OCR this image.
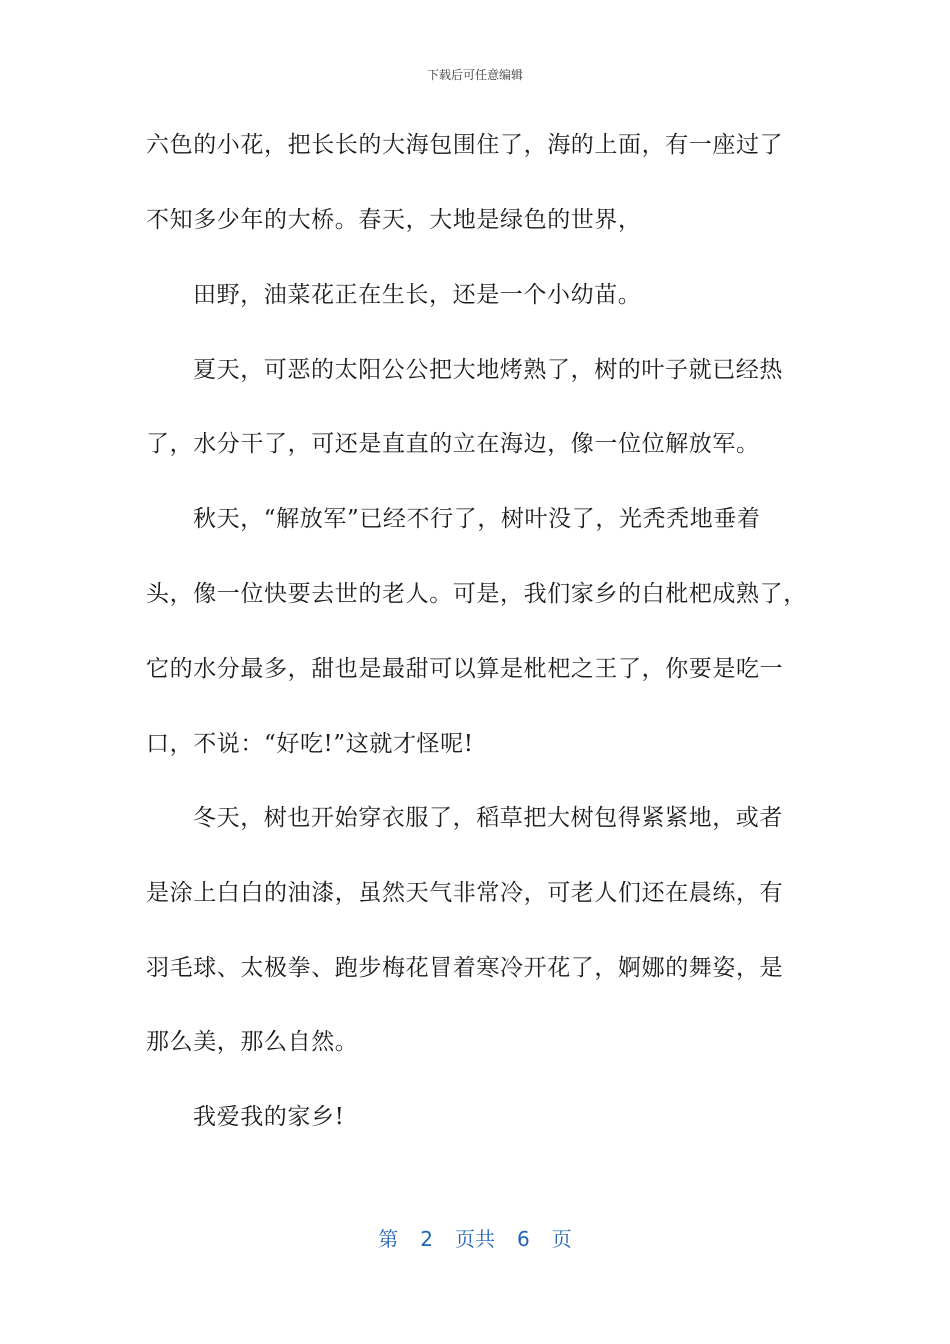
下载后可任意编辑
六色的小花，把长长的大海包围住了，海的上面，有一座过了
不知多少年的大桥。春天，大地是绿色的世界，
田野，油菜花正在生长，还是一个小幼苗。
夏天，可恶的太阳公公把大地烤熟了，树的叶子就已经热
了，水分干了，可还是直直的立在海边，像一位位解放军。
秋天，“解放军”已经不行了，树叶没了，光秃秃地垂着
头，像一位快要去世的老人。可是，我们家乡的白枇杷成熟了，
它的水分最多，甜也是最甜可以算是枇杷之王了，你要是吃一
口，不说：“好吃!”这就才怪呢!
冬天，树也开始穿衣服了，稻草把大树包得紧紧地，或者
是涂上白白的油漆，虽然天气非常冷，可老人们还在晨练，有
羽毛球、太极拳、跑步梅花冒着寒冷开花了，婀娜的舞姿，是
那么美，那么自然。
我爱我的家乡!
第 2 页共 6 页
